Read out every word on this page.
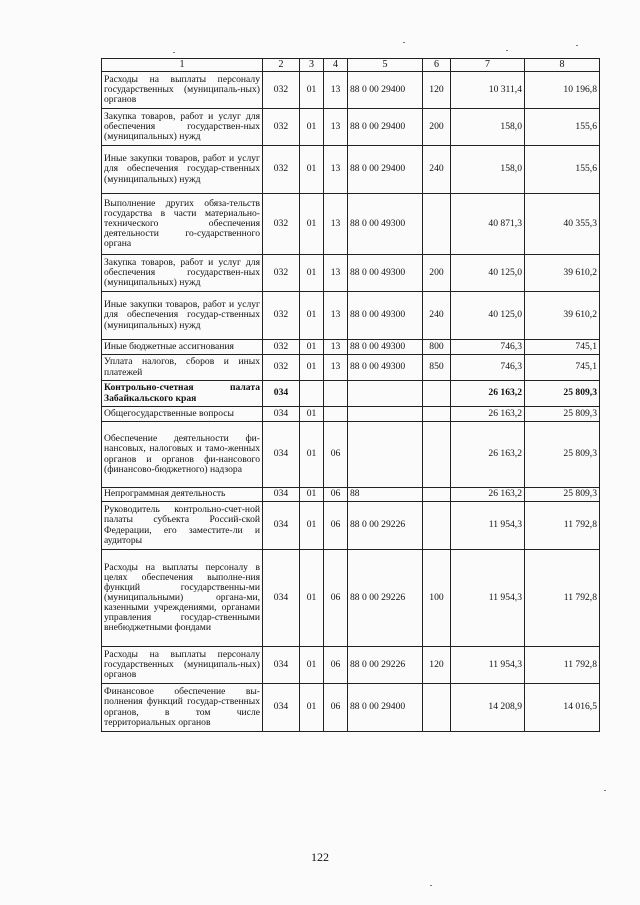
1	2	3	4	5	6	7	8
Расходы на выплаты персоналу государственных (муниципаль-ных) органов	032	01	13	88 0 00 29400	120	10 311,4	10 196,8
Закупка товаров, работ и услуг для обеспечения государствен-ных (муниципальных) нужд	032	01	13	88 0 00 29400	200	158,0	155,6
Иные закупки товаров, работ и услуг для обеспечения государ-ственных (муниципальных) нужд	032	01	13	88 0 00 29400	240	158,0	155,6
Выполнение других обяза-тельств государства в части материально-технического обеспечения деятельности го-сударственного органа	032	01	13	88 0 00 49300		40 871,3	40 355,3
Закупка товаров, работ и услуг для обеспечения государствен-ных (муниципальных) нужд	032	01	13	88 0 00 49300	200	40 125,0	39 610,2
Иные закупки товаров, работ и услуг для обеспечения государ-ственных (муниципальных) нужд	032	01	13	88 0 00 49300	240	40 125,0	39 610,2
Иные бюджетные ассигнования	032	01	13	88 0 00 49300	800	746,3	745,1
Уплата налогов, сборов и иных платежей	032	01	13	88 0 00 49300	850	746,3	745,1
Контрольно-счетная палата Забайкальского края	034					26 163,2	25 809,3
Общегосударственные вопросы	034	01				26 163,2	25 809,3
Обеспечение деятельности фи-нансовых, налоговых и тамо-женных органов и органов фи-нансового (финансово-бюджетного) надзора	034	01	06			26 163,2	25 809,3
Непрограммная деятельность	034	01	06	88		26 163,2	25 809,3
Руководитель контрольно-счет-ной палаты субъекта Россий-ской Федерации, его заместите-ли и аудиторы	034	01	06	88 0 00 29226		11 954,3	11 792,8
Расходы на выплаты персоналу в целях обеспечения выполне-ния функций государственны-ми (муниципальными) органа-ми, казенными учреждениями, органами управления государ-ственными внебюджетными фондами	034	01	06	88 0 00 29226	100	11 954,3	11 792,8
Расходы на выплаты персоналу государственных (муниципаль-ных) органов	034	01	06	88 0 00 29226	120	11 954,3	11 792,8
Финансовое обеспечение вы-полнения функций государ-ственных органов, в том числе территориальных органов	034	01	06	88 0 00 29400		14 208,9	14 016,5
122
